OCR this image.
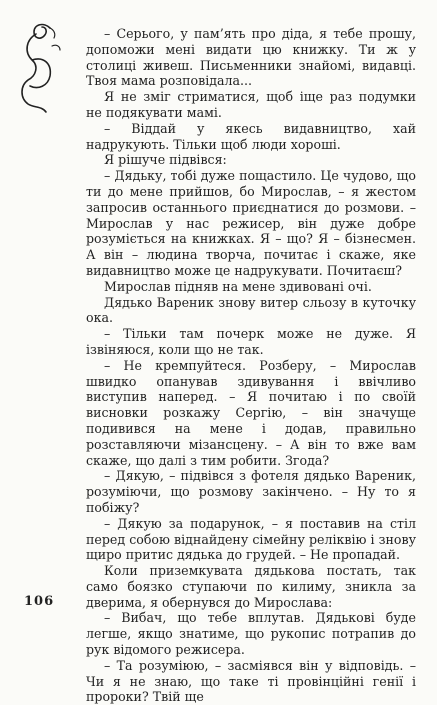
– Серього, у пам’ять про діда, я тебе прошу, допоможи мені видати цю книжку. Ти ж у столиці живеш. Письменники знайомі, видавці. Твоя мама розповідала...

Я не зміг стриматися, щоб іще раз подумки не подякувати мамі.

– Віддай у якесь видавництво, хай надрукують. Тільки щоб люди хороші.

Я рішуче підвівся:

– Дядьку, тобі дуже пощастило. Це чудово, що ти до мене прийшов, бо Мирослав, – я жестом запросив останнього приєднатися до розмови. – Мирослав у нас режисер, він дуже добре розуміється на книжках. Я – що? Я – бізнесмен. А він – людина творча, почитає і скаже, яке видавництво може це надрукувати. Почитаєш?

Мирослав підняв на мене здивовані очі.

Дядько Вареник знову витер сльозу в куточку ока.

– Тільки там почерк може не дуже. Я ізвіняюся, коли що не так.

– Не кремпуйтеся. Розберу, – Мирослав швидко опанував здивування і ввічливо виступив наперед. – Я почитаю і по своїй висновки розкажу Сергію, – він значуще подивився на мене і додав, правильно розставляючи мізансцену. – А він то вже вам скаже, що далі з тим робити. Згода?

– Дякую, – підвівся з фотеля дядько Вареник, розуміючи, що розмову закінчено. – Ну то я побіжу?

– Дякую за подарунок, – я поставив на стіл перед собою віднайдену сімейну реліквію і знову щиро притис дядька до грудей. – Не пропадай.

Коли приземкувата дядькова постать, так само боязко ступаючи по килиму, зникла за дверима, я обернувся до Мирослава:

– Вибач, що тебе вплутав. Дядькові буде легше, якщо знатиме, що рукопис потрапив до рук відомого режисера.

– Та розуміюю, – засміявся він у відповідь. – Чи я не знаю, що таке ті провінційні генії і пророки? Твій ще

106
